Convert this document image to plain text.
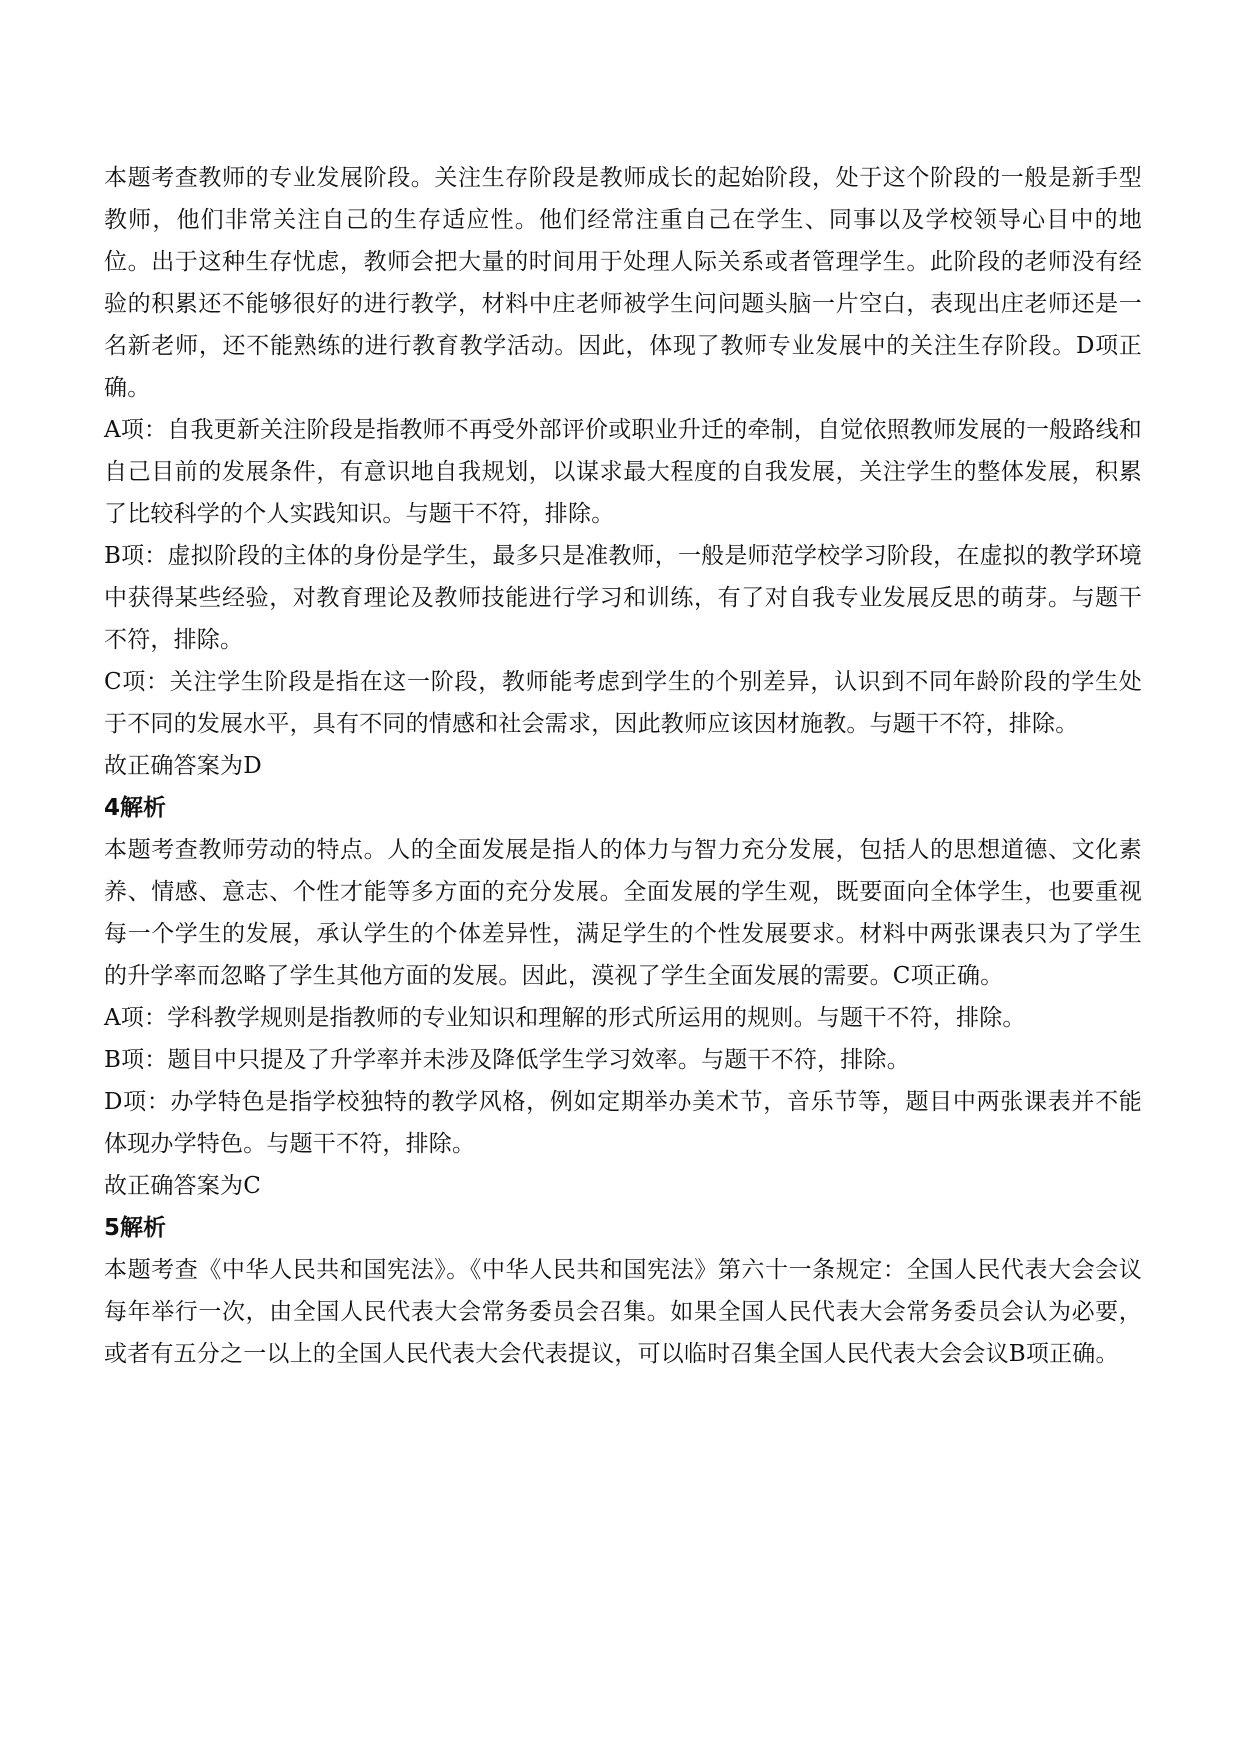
本题考查教师的专业发展阶段。关注生存阶段是教师成长的起始阶段，处于这个阶段的一般是新手型教师，他们非常关注自己的生存适应性。他们经常注重自己在学生、同事以及学校领导心目中的地位。出于这种生存忧虑，教师会把大量的时间用于处理人际关系或者管理学生。此阶段的老师没有经验的积累还不能够很好的进行教学，材料中庄老师被学生问问题头脑一片空白，表现出庄老师还是一名新老师，还不能熟练的进行教育教学活动。因此，体现了教师专业发展中的关注生存阶段。D项正确。

A项：自我更新关注阶段是指教师不再受外部评价或职业升迁的牵制，自觉依照教师发展的一般路线和自己目前的发展条件，有意识地自我规划，以谋求最大程度的自我发展，关注学生的整体发展，积累了比较科学的个人实践知识。与题干不符，排除。

B项：虚拟阶段的主体的身份是学生，最多只是准教师，一般是师范学校学习阶段，在虚拟的教学环境中获得某些经验，对教育理论及教师技能进行学习和训练，有了对自我专业发展反思的萌芽。与题干不符，排除。

C项：关注学生阶段是指在这一阶段，教师能考虑到学生的个别差异，认识到不同年龄阶段的学生处于不同的发展水平，具有不同的情感和社会需求，因此教师应该因材施教。与题干不符，排除。

故正确答案为D

4解析

本题考查教师劳动的特点。人的全面发展是指人的体力与智力充分发展，包括人的思想道德、文化素养、情感、意志、个性才能等多方面的充分发展。全面发展的学生观，既要面向全体学生，也要重视每一个学生的发展，承认学生的个体差异性，满足学生的个性发展要求。材料中两张课表只为了学生的升学率而忽略了学生其他方面的发展。因此，漠视了学生全面发展的需要。C项正确。

A项：学科教学规则是指教师的专业知识和理解的形式所运用的规则。与题干不符，排除。

B项：题目中只提及了升学率并未涉及降低学生学习效率。与题干不符，排除。

D项：办学特色是指学校独特的教学风格，例如定期举办美术节，音乐节等，题目中两张课表并不能体现办学特色。与题干不符，排除。

故正确答案为C

5解析

本题考查《中华人民共和国宪法》。《中华人民共和国宪法》第六十一条规定：全国人民代表大会会议每年举行一次，由全国人民代表大会常务委员会召集。如果全国人民代表大会常务委员会认为必要，或者有五分之一以上的全国人民代表大会代表提议，可以临时召集全国人民代表大会会议B项正确。
